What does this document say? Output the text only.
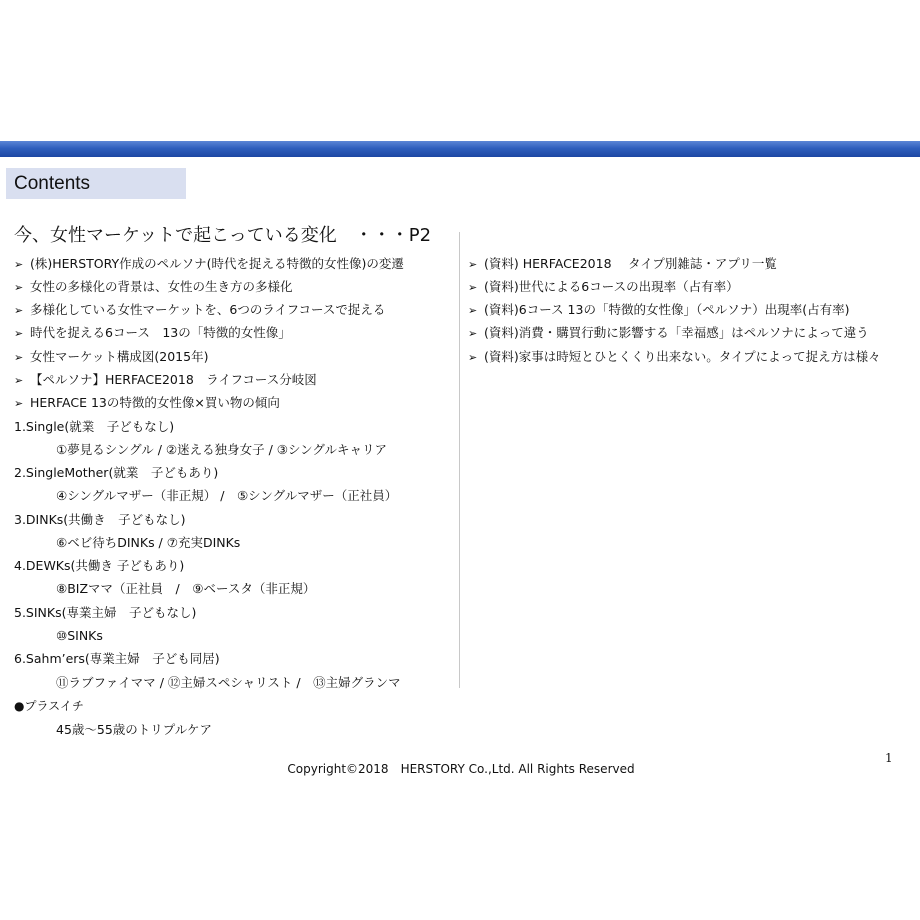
Contents
今、女性マーケットで起こっている変化　・・・P2
➢ (株)HERSTORY作成のペルソナ(時代を捉える特徴的女性像)の変遷
➢ 女性の多様化の背景は、女性の生き方の多様化
➢ 多様化している女性マーケットを、6つのライフコースで捉える
➢ 時代を捉える6コース　13の「特徴的女性像」
➢ 女性マーケット構成図(2015年)
➢ 【ペルソナ】HERFACE2018　ライフコース分岐図
➢ HERFACE 13の特徴的女性像×買い物の傾向
1.Single(就業　子どもなし)
①夢見るシングル / ②迷える独身女子 / ③シングルキャリア
2.SingleMother(就業　子どもあり)
④シングルマザー（非正規） /　⑤シングルマザー（正社員）
3.DINKs(共働き　子どもなし)
⑥ベビ待ちDINKs / ⑦充実DINKs
4.DEWKs(共働き 子どもあり)
⑧BIZママ（正社員　/　⑨ベースタ（非正規）
5.SINKs(専業主婦　子どもなし)
⑩SINKs
6.Sahm’ers(専業主婦　子ども同居)
⑪ラブファイママ / ⑫主婦スペシャリスト /　⑬主婦グランマ
●プラスイチ
45歳～55歳のトリプルケア
➢ (資料) HERFACE2018　 タイプ別雑誌・アプリ一覧
➢ (資料)世代による6コースの出現率（占有率）
➢ (資料)6コース 13の「特徴的女性像」（ペルソナ）出現率(占有率)
➢ (資料)消費・購買行動に影響する「幸福感」はペルソナによって違う
➢ (資料)家事は時短とひとくくり出来ない。タイプによって捉え方は様々
Copyright©2018　HERSTORY Co.,Ltd. All Rights Reserved
1
